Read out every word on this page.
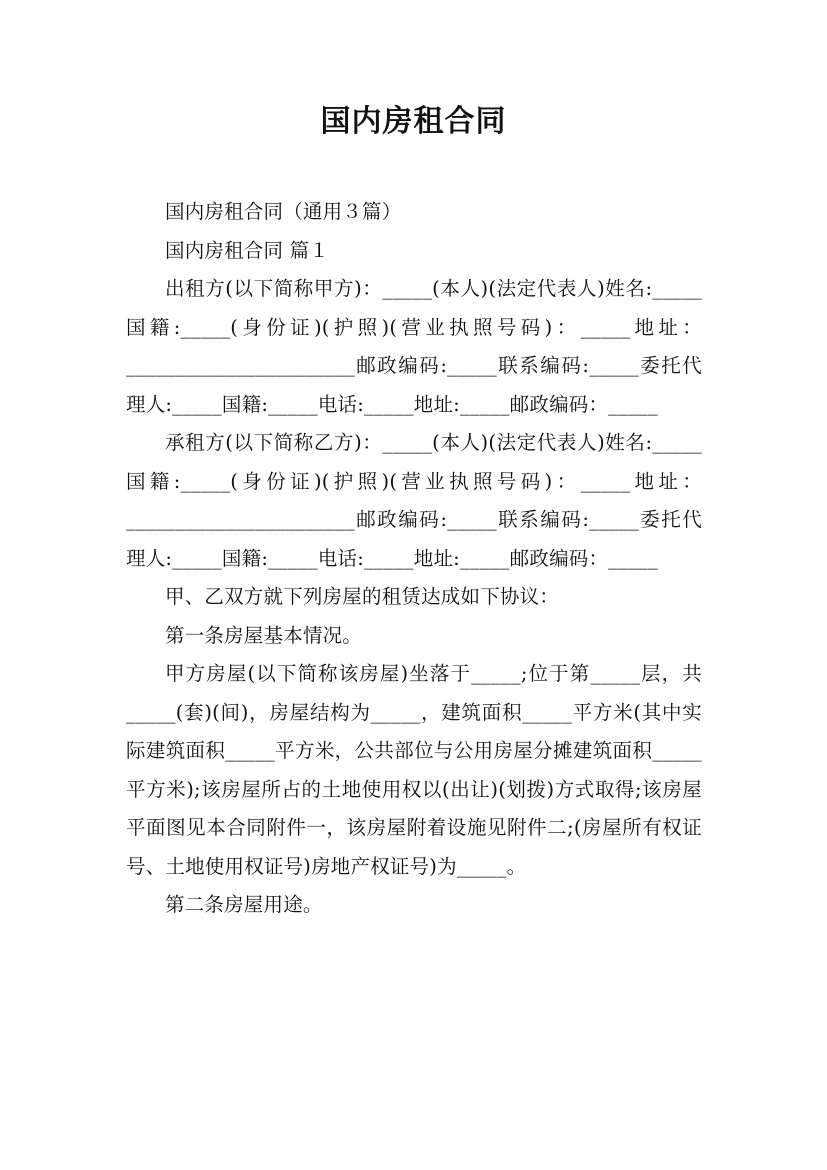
国内房租合同

国内房租合同（通用３篇）

国内房租合同 篇１

出租方(以下简称甲方)：_____(本人)(法定代表人)姓名:_____国籍:_____(身份证)(护照)(营业执照号码)：_____地址：_______________________邮政编码:_____联系编码:_____委托代理人:_____国籍:_____电话:_____地址:_____邮政编码：_____

承租方(以下简称乙方)：_____(本人)(法定代表人)姓名:_____国籍:_____(身份证)(护照)(营业执照号码)：_____地址：_______________________邮政编码:_____联系编码:_____委托代理人:_____国籍:_____电话:_____地址:_____邮政编码：_____

甲、乙双方就下列房屋的租赁达成如下协议：

第一条房屋基本情况。

甲方房屋(以下简称该房屋)坐落于_____;位于第_____层，共_____(套)(间)，房屋结构为_____，建筑面积_____平方米(其中实际建筑面积_____平方米，公共部位与公用房屋分摊建筑面积_____平方米);该房屋所占的土地使用权以(出让)(划拨)方式取得;该房屋平面图见本合同附件一，该房屋附着设施见附件二;(房屋所有权证号、土地使用权证号)房地产权证号)为_____。

第二条房屋用途。
